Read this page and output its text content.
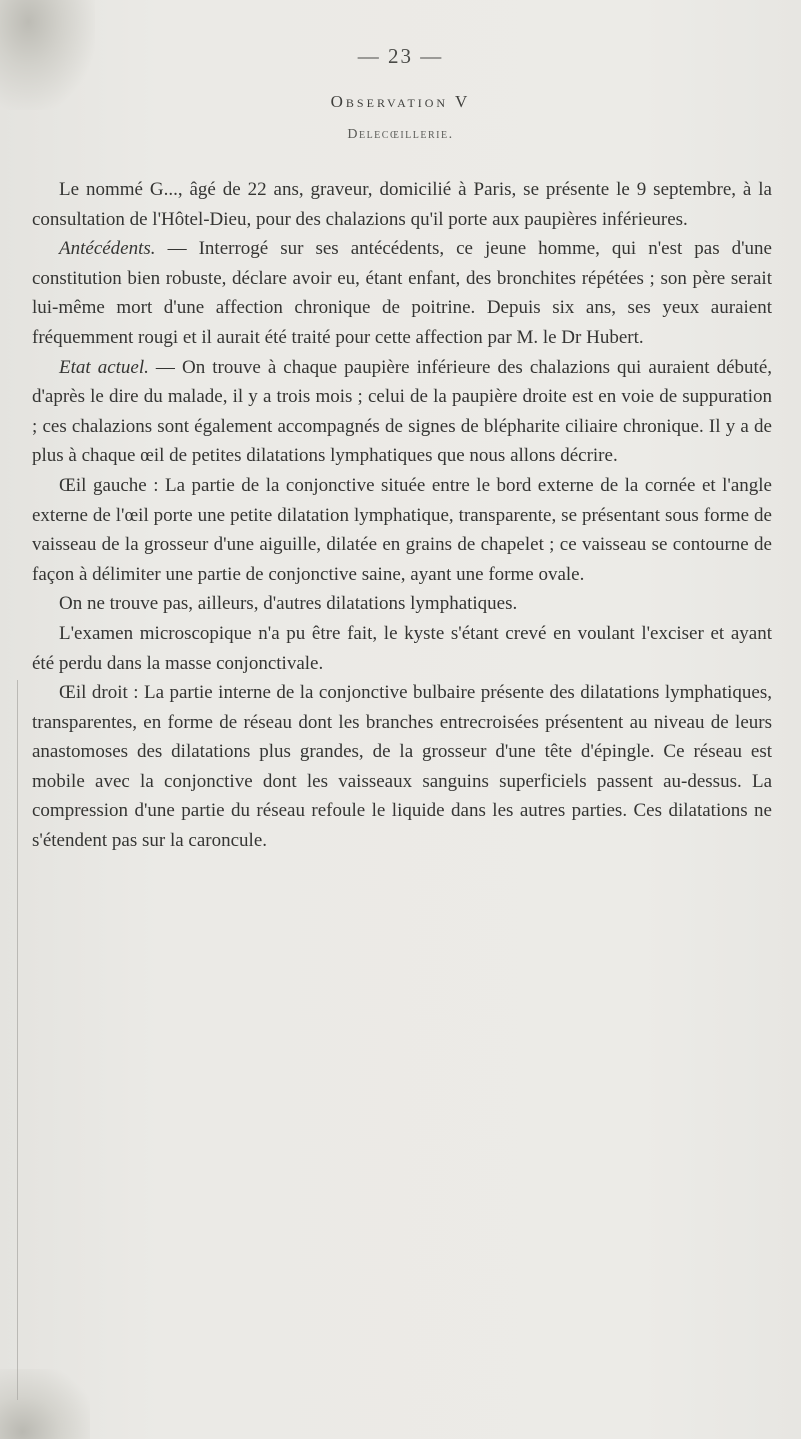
— 23 —
Observation V
Delecœillerie.

Le nommé G..., âgé de 22 ans, graveur, domicilié à Paris, se présente le 9 septembre, à la consultation de l'Hôtel-Dieu, pour des chalazions qu'il porte aux paupières inférieures.

Antécédents. — Interrogé sur ses antécédents, ce jeune homme, qui n'est pas d'une constitution bien robuste, déclare avoir eu, étant enfant, des bronchites répétées ; son père serait lui-même mort d'une affection chronique de poitrine. Depuis six ans, ses yeux auraient fréquemment rougi et il aurait été traité pour cette affection par M. le Dr Hubert.

Etat actuel. — On trouve à chaque paupière inférieure des chalazions qui auraient débuté, d'après le dire du malade, il y a trois mois ; celui de la paupière droite est en voie de suppuration ; ces chalazions sont également accompagnés de signes de blépharite ciliaire chronique. Il y a de plus à chaque œil de petites dilatations lymphatiques que nous allons décrire.

Œil gauche : La partie de la conjonctive située entre le bord externe de la cornée et l'angle externe de l'œil porte une petite dilatation lymphatique, transparente, se présentant sous forme de vaisseau de la grosseur d'une aiguille, dilatée en grains de chapelet ; ce vaisseau se contourne de façon à délimiter une partie de conjonctive saine, ayant une forme ovale.

On ne trouve pas, ailleurs, d'autres dilatations lymphatiques.

L'examen microscopique n'a pu être fait, le kyste s'étant crevé en voulant l'exciser et ayant été perdu dans la masse conjonctivale.

Œil droit : La partie interne de la conjonctive bulbaire présente des dilatations lymphatiques, transparentes, en forme de réseau dont les branches entrecroisées présentent au niveau de leurs anastomoses des dilatations plus grandes, de la grosseur d'une tête d'épingle. Ce réseau est mobile avec la conjonctive dont les vaisseaux sanguins superficiels passent au-dessus. La compression d'une partie du réseau refoule le liquide dans les autres parties. Ces dilatations ne s'étendent pas sur la caroncule.
